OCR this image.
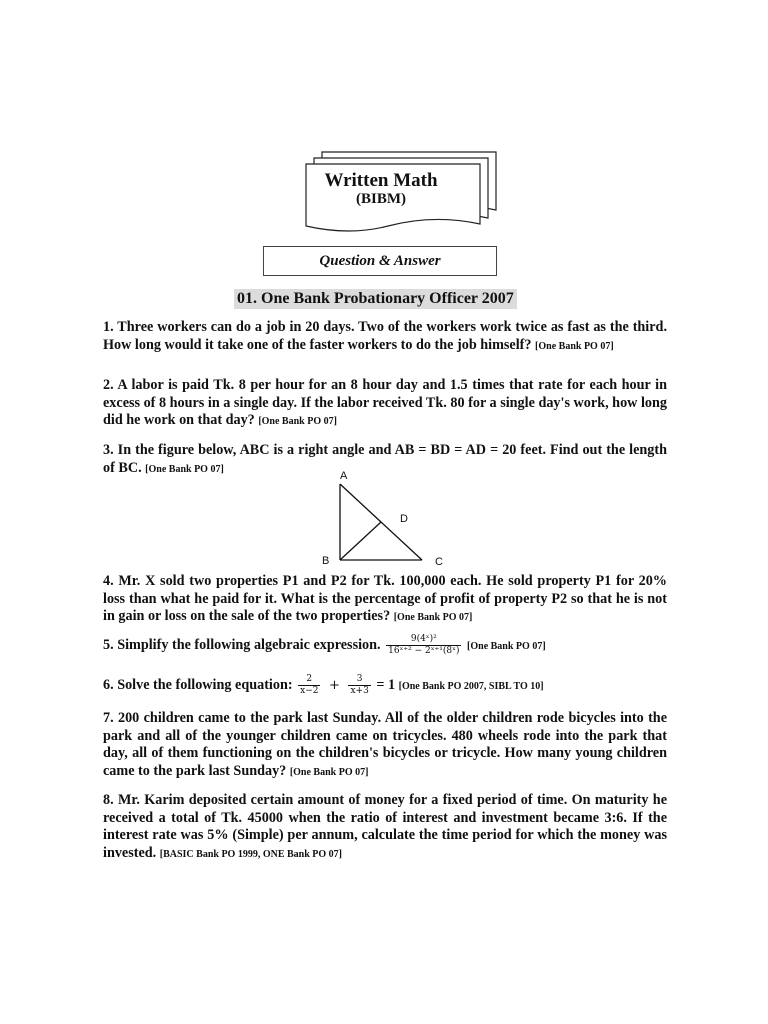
Written Math
(BIBM)
Question & Answer
01. One Bank Probationary Officer 2007
1. Three workers can do a job in 20 days. Two of the workers work twice as fast as the third. How long would it take one of the faster workers to do the job himself? [One Bank PO 07]
2. A labor is paid Tk. 8 per hour for an 8 hour day and 1.5 times that rate for each hour in excess of 8 hours in a single day. If the labor received Tk. 80 for a single day's work, how long did he work on that day? [One Bank PO 07]
3. In the figure below, ABC is a right angle and AB = BD = AD = 20 feet. Find out the length of BC. [One Bank PO 07]
A
B	C
D
4. Mr. X sold two properties P1 and P2 for Tk. 100,000 each. He sold property P1 for 20% loss than what he paid for it. What is the percentage of profit of property P2 so that he is not in gain or loss on the sale of the two properties? [One Bank PO 07]
5. Simplify the following algebraic expression. $\frac{\text{9(4ˣ)²}}{\text{16ˣ⁺² − 2ˣ⁺¹(8ˣ)}} [One$ Bank PO 07]
6. Solve the following equation: $\frac{2}{x-2} + \frac{3}{x+3} = 1$ [One Bank PO 2007, SIBL TO 10]
7. 200 children came to the park last Sunday. All of the older children rode bicycles into the park and all of the younger children came on tricycles. 480 wheels rode into the park that day, all of them functioning on the children's bicycles or tricycle. How many young children came to the park last Sunday? [One Bank PO 07]
8. Mr. Karim deposited certain amount of money for a fixed period of time. On maturity he received a total of Tk. 45000 when the ratio of interest and investment became 3:6. If the interest rate was 5% (Simple) per annum, calculate the time period for which the money was invested. [BASIC Bank PO 1999, ONE Bank PO 07]
